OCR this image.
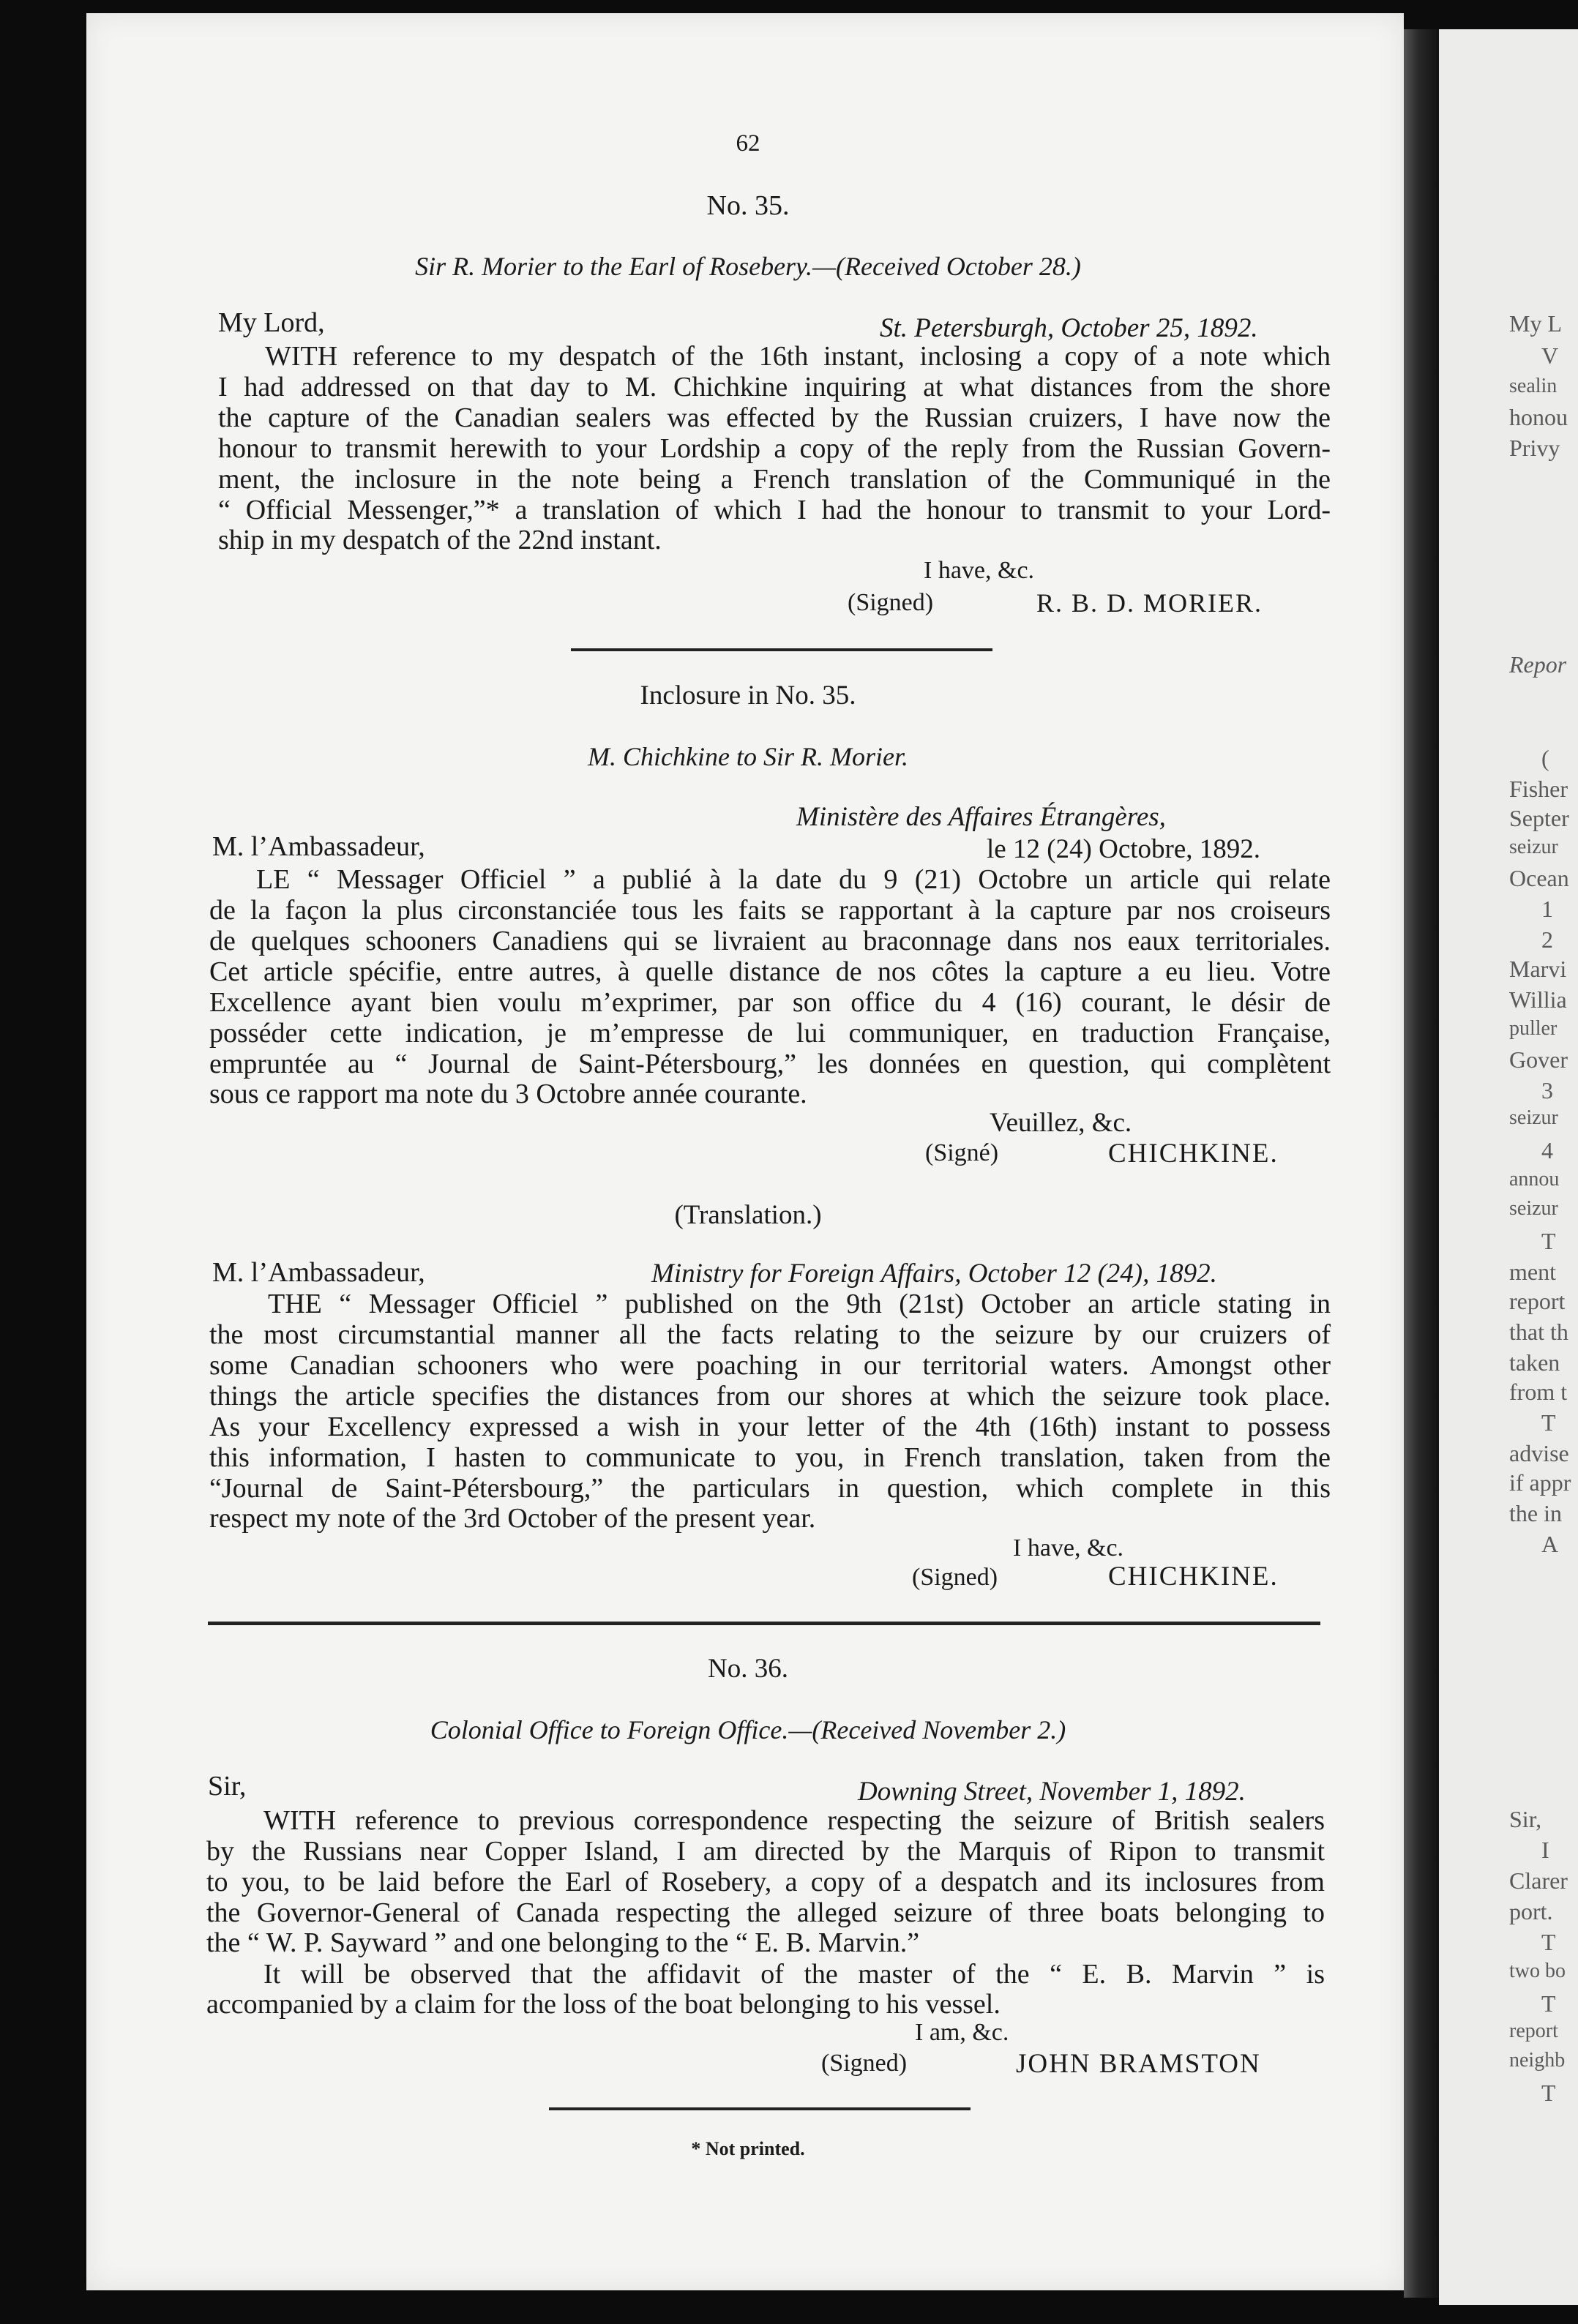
My L
V
sealin
honou
Privy
Repor
(
Fisher
Septer
seizur
Ocean
1
2
Marvi
Willia
puller
Gover
3
seizur
4
annou
seizur
T
ment
report
that th
taken
from t
T
advise
if appr
the in
A
Sir,
I
Clarer
port.
T
two bo
T
report
neighb
T

62

No. 35.

Sir R. Morier to the Earl of Rosebery.—(Received October 28.)

My Lord,	St. Petersburgh, October 25, 1892.

WITH reference to my despatch of the 16th instant, inclosing a copy of a note which

I had addressed on that day to M. Chichkine inquiring at what distances from the shore

the capture of the Canadian sealers was effected by the Russian cruizers, I have now the

honour to transmit herewith to your Lordship a copy of the reply from the Russian Govern-

ment, the inclosure in the note being a French translation of the Communiqué in the

“ Official Messenger,”* a translation of which I had the honour to transmit to your Lord-

ship in my despatch of the 22nd instant.

I have, &c.

(Signed)	R. B. D. MORIER.

Inclosure in No. 35.

M. Chichkine to Sir R. Morier.

Ministère des Affaires Étrangères,

M. l’Ambassadeur,	le 12 (24) Octobre, 1892.

LE “ Messager Officiel ” a publié à la date du 9 (21) Octobre un article qui relate

de la façon la plus circonstanciée tous les faits se rapportant à la capture par nos croiseurs

de quelques schooners Canadiens qui se livraient au braconnage dans nos eaux territoriales.

Cet article spécifie, entre autres, à quelle distance de nos côtes la capture a eu lieu. Votre

Excellence ayant bien voulu m’exprimer, par son office du 4 (16) courant, le désir de

posséder cette indication, je m’empresse de lui communiquer, en traduction Française,

empruntée au “ Journal de Saint-Pétersbourg,” les données en question, qui complètent

sous ce rapport ma note du 3 Octobre année courante.

Veuillez, &c.

(Signé)	CHICHKINE.

(Translation.)

M. l’Ambassadeur,	Ministry for Foreign Affairs, October 12 (24), 1892.

THE “ Messager Officiel ” published on the 9th (21st) October an article stating in

the most circumstantial manner all the facts relating to the seizure by our cruizers of

some Canadian schooners who were poaching in our territorial waters. Amongst other

things the article specifies the distances from our shores at which the seizure took place.

As your Excellency expressed a wish in your letter of the 4th (16th) instant to possess

this information, I hasten to communicate to you, in French translation, taken from the

“Journal de Saint-Pétersbourg,” the particulars in question, which complete in this

respect my note of the 3rd October of the present year.

I have, &c.

(Signed)	CHICHKINE.

No. 36.

Colonial Office to Foreign Office.—(Received November 2.)

Sir,	Downing Street, November 1, 1892.

WITH reference to previous correspondence respecting the seizure of British sealers

by the Russians near Copper Island, I am directed by the Marquis of Ripon to transmit

to you, to be laid before the Earl of Rosebery, a copy of a despatch and its inclosures from

the Governor-General of Canada respecting the alleged seizure of three boats belonging to

the “ W. P. Sayward ” and one belonging to the “ E. B. Marvin.”

It will be observed that the affidavit of the master of the “ E. B. Marvin ” is

accompanied by a claim for the loss of the boat belonging to his vessel.

I am, &c.

(Signed)	JOHN BRAMSTON

* Not printed.
